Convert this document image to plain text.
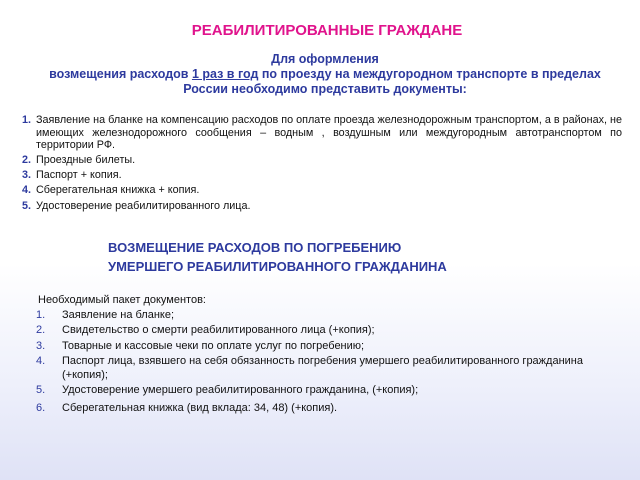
РЕАБИЛИТИРОВАННЫЕ ГРАЖДАНЕ
Для оформления
возмещения расходов 1 раз в год по проезду на междугородном транспорте в пределах России необходимо представить документы:
1. Заявление на бланке на компенсацию расходов по оплате проезда железнодорожным транспортом, а в районах, не имеющих железнодорожного сообщения – водным , воздушным или междугородным автотранспортом по территории РФ.
2. Проездные билеты.
3. Паспорт + копия.
4. Сберегательная книжка + копия.
5. Удостоверение реабилитированного лица.
ВОЗМЕЩЕНИЕ РАСХОДОВ ПО ПОГРЕБЕНИЮ
УМЕРШЕГО РЕАБИЛИТИРОВАННОГО ГРАЖДАНИНА
Необходимый пакет документов:
1. Заявление на бланке;
2. Свидетельство о смерти реабилитированного лица (+копия);
3. Товарные и кассовые чеки по оплате услуг по погребению;
4. Паспорт лица, взявшего на себя обязанность погребения умершего реабилитированного гражданина (+копия);
5. Удостоверение умершего реабилитированного гражданина, (+копия);
6. Сберегательная книжка (вид вклада: 34, 48) (+копия).
